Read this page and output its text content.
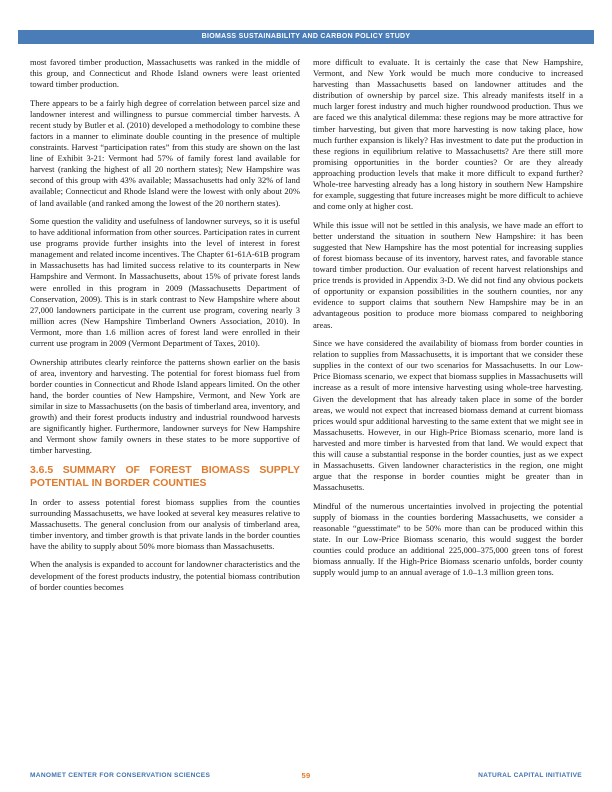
BIOMASS SUSTAINABILITY AND CARBON POLICY STUDY

most favored timber production, Massachusetts was ranked in the middle of this group, and Connecticut and Rhode Island owners were least oriented toward timber production.

There appears to be a fairly high degree of correlation between parcel size and landowner interest and willingness to pursue commercial timber harvests. A recent study by Butler et al. (2010) developed a methodology to combine these factors in a manner to eliminate double counting in the presence of multiple constraints. Harvest “participation rates” from this study are shown on the last line of Exhibit 3-21: Vermont had 57% of family forest land available for harvest (ranking the highest of all 20 northern states); New Hampshire was second of this group with 43% available; Massachusetts had only 32% of land available; Connecticut and Rhode Island were the lowest with only about 20% of land available (and ranked among the lowest of the 20 northern states).

Some question the validity and usefulness of landowner surveys, so it is useful to have additional information from other sources. Participation rates in current use programs provide further insights into the level of interest in forest management and related income incentives. The Chapter 61-61A-61B program in Massachusetts has had limited success relative to its counterparts in New Hampshire and Vermont. In Massachusetts, about 15% of private forest lands were enrolled in this program in 2009 (Massachusetts Department of Conservation, 2009). This is in stark contrast to New Hampshire where about 27,000 landowners participate in the current use program, covering nearly 3 million acres (New Hampshire Timberland Owners Association, 2010). In Vermont, more than 1.6 million acres of forest land were enrolled in their current use program in 2009 (Vermont Department of Taxes, 2010).

Ownership attributes clearly reinforce the patterns shown earlier on the basis of area, inventory and harvesting. The potential for forest biomass fuel from border counties in Connecticut and Rhode Island appears limited. On the other hand, the border counties of New Hampshire, Vermont, and New York are similar in size to Massachusetts (on the basis of timberland area, inventory, and growth) and their forest products industry and industrial roundwood harvests are significantly higher. Furthermore, landowner surveys for New Hampshire and Vermont show family owners in these states to be more supportive of timber harvesting.

3.6.5 SUMMARY OF FOREST BIOMASS SUPPLY POTENTIAL IN BORDER COUNTIES

In order to assess potential forest biomass supplies from the counties surrounding Massachusetts, we have looked at several key measures relative to Massachusetts. The general conclusion from our analysis of timberland area, timber inventory, and timber growth is that private lands in the border counties have the ability to supply about 50% more biomass than Massachusetts.

When the analysis is expanded to account for landowner characteristics and the development of the forest products industry, the potential biomass contribution of border counties becomes

more difficult to evaluate. It is certainly the case that New Hampshire, Vermont, and New York would be much more conducive to increased harvesting than Massachusetts based on landowner attitudes and the distribution of ownership by parcel size. This already manifests itself in a much larger forest industry and much higher roundwood production. Thus we are faced we this analytical dilemma: these regions may be more attractive for timber harvesting, but given that more harvesting is now taking place, how much further expansion is likely? Has investment to date put the production in these regions in equilibrium relative to Massachusetts? Are there still more promising opportunities in the border counties? Or are they already approaching production levels that make it more difficult to expand further? Whole-tree harvesting already has a long history in southern New Hampshire for example, suggesting that future increases might be more difficult to achieve and come only at higher cost.

While this issue will not be settled in this analysis, we have made an effort to better understand the situation in southern New Hampshire: it has been suggested that New Hampshire has the most potential for increasing supplies of forest biomass because of its inventory, harvest rates, and favorable stance toward timber production. Our evaluation of recent harvest relationships and price trends is provided in Appendix 3-D. We did not find any obvious pockets of opportunity or expansion possibilities in the southern counties, nor any evidence to support claims that southern New Hampshire may be in an advantageous position to produce more biomass compared to neighboring areas.

Since we have considered the availability of biomass from border counties in relation to supplies from Massachusetts, it is important that we consider these supplies in the context of our two scenarios for Massachusetts. In our Low-Price Biomass scenario, we expect that biomass supplies in Massachusetts will increase as a result of more intensive harvesting using whole-tree harvesting. Given the development that has already taken place in some of the border areas, we would not expect that increased biomass demand at current biomass prices would spur additional harvesting to the same extent that we might see in Massachusetts. However, in our High-Price Biomass scenario, more land is harvested and more timber is harvested from that land. We would expect that this will cause a substantial response in the border counties, just as we expect in Massachusetts. Given landowner characteristics in the region, one might argue that the response in border counties might be greater than in Massachusetts.

Mindful of the numerous uncertainties involved in projecting the potential supply of biomass in the counties bordering Massachusetts, we consider a reasonable “guesstimate” to be 50% more than can be produced within this state. In our Low-Price Biomass scenario, this would suggest the border counties could produce an additional 225,000–375,000 green tons of forest biomass annually. If the High-Price Biomass scenario unfolds, border county supply would jump to an annual average of 1.0–1.3 million green tons.

MANOMET CENTER FOR CONSERVATION SCIENCES	59	NATURAL CAPITAL INITIATIVE
